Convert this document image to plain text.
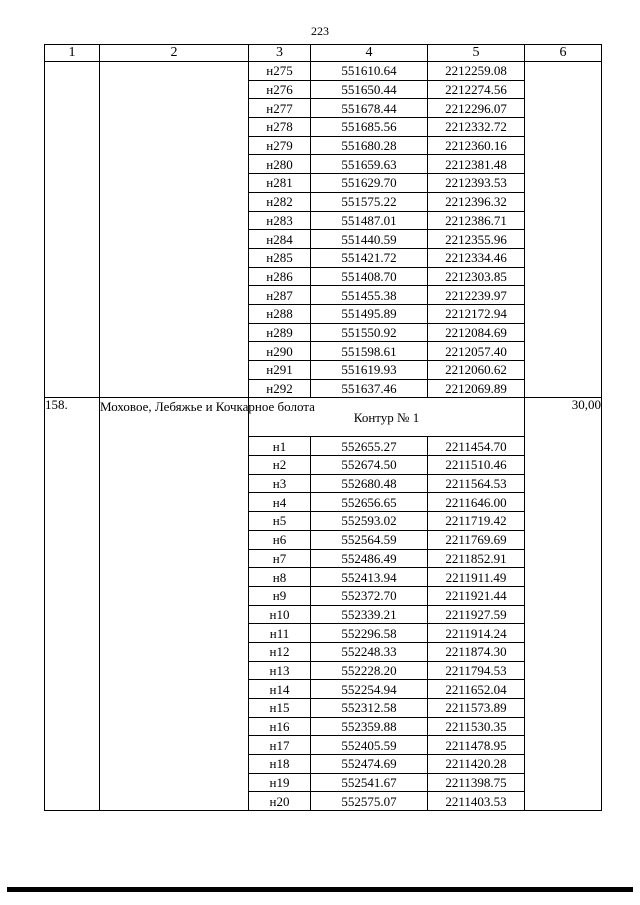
223
1	2	3	4	5	6
		н275	551610.64	2212259.08	
		н276	551650.44	2212274.56	
		н277	551678.44	2212296.07	
		н278	551685.56	2212332.72	
		н279	551680.28	2212360.16	
		н280	551659.63	2212381.48	
		н281	551629.70	2212393.53	
		н282	551575.22	2212396.32	
		н283	551487.01	2212386.71	
		н284	551440.59	2212355.96	
		н285	551421.72	2212334.46	
		н286	551408.70	2212303.85	
		н287	551455.38	2212239.97	
		н288	551495.89	2212172.94	
		н289	551550.92	2212084.69	
		н290	551598.61	2212057.40	
		н291	551619.93	2212060.62	
		н292	551637.46	2212069.89	
158.	Моховое, Лебяжье и Кочкарное болота	Контур № 1			30,00
		н1	552655.27	2211454.70	
		н2	552674.50	2211510.46	
		н3	552680.48	2211564.53	
		н4	552656.65	2211646.00	
		н5	552593.02	2211719.42	
		н6	552564.59	2211769.69	
		н7	552486.49	2211852.91	
		н8	552413.94	2211911.49	
		н9	552372.70	2211921.44	
		н10	552339.21	2211927.59	
		н11	552296.58	2211914.24	
		н12	552248.33	2211874.30	
		н13	552228.20	2211794.53	
		н14	552254.94	2211652.04	
		н15	552312.58	2211573.89	
		н16	552359.88	2211530.35	
		н17	552405.59	2211478.95	
		н18	552474.69	2211420.28	
		н19	552541.67	2211398.75	
		н20	552575.07	2211403.53	
